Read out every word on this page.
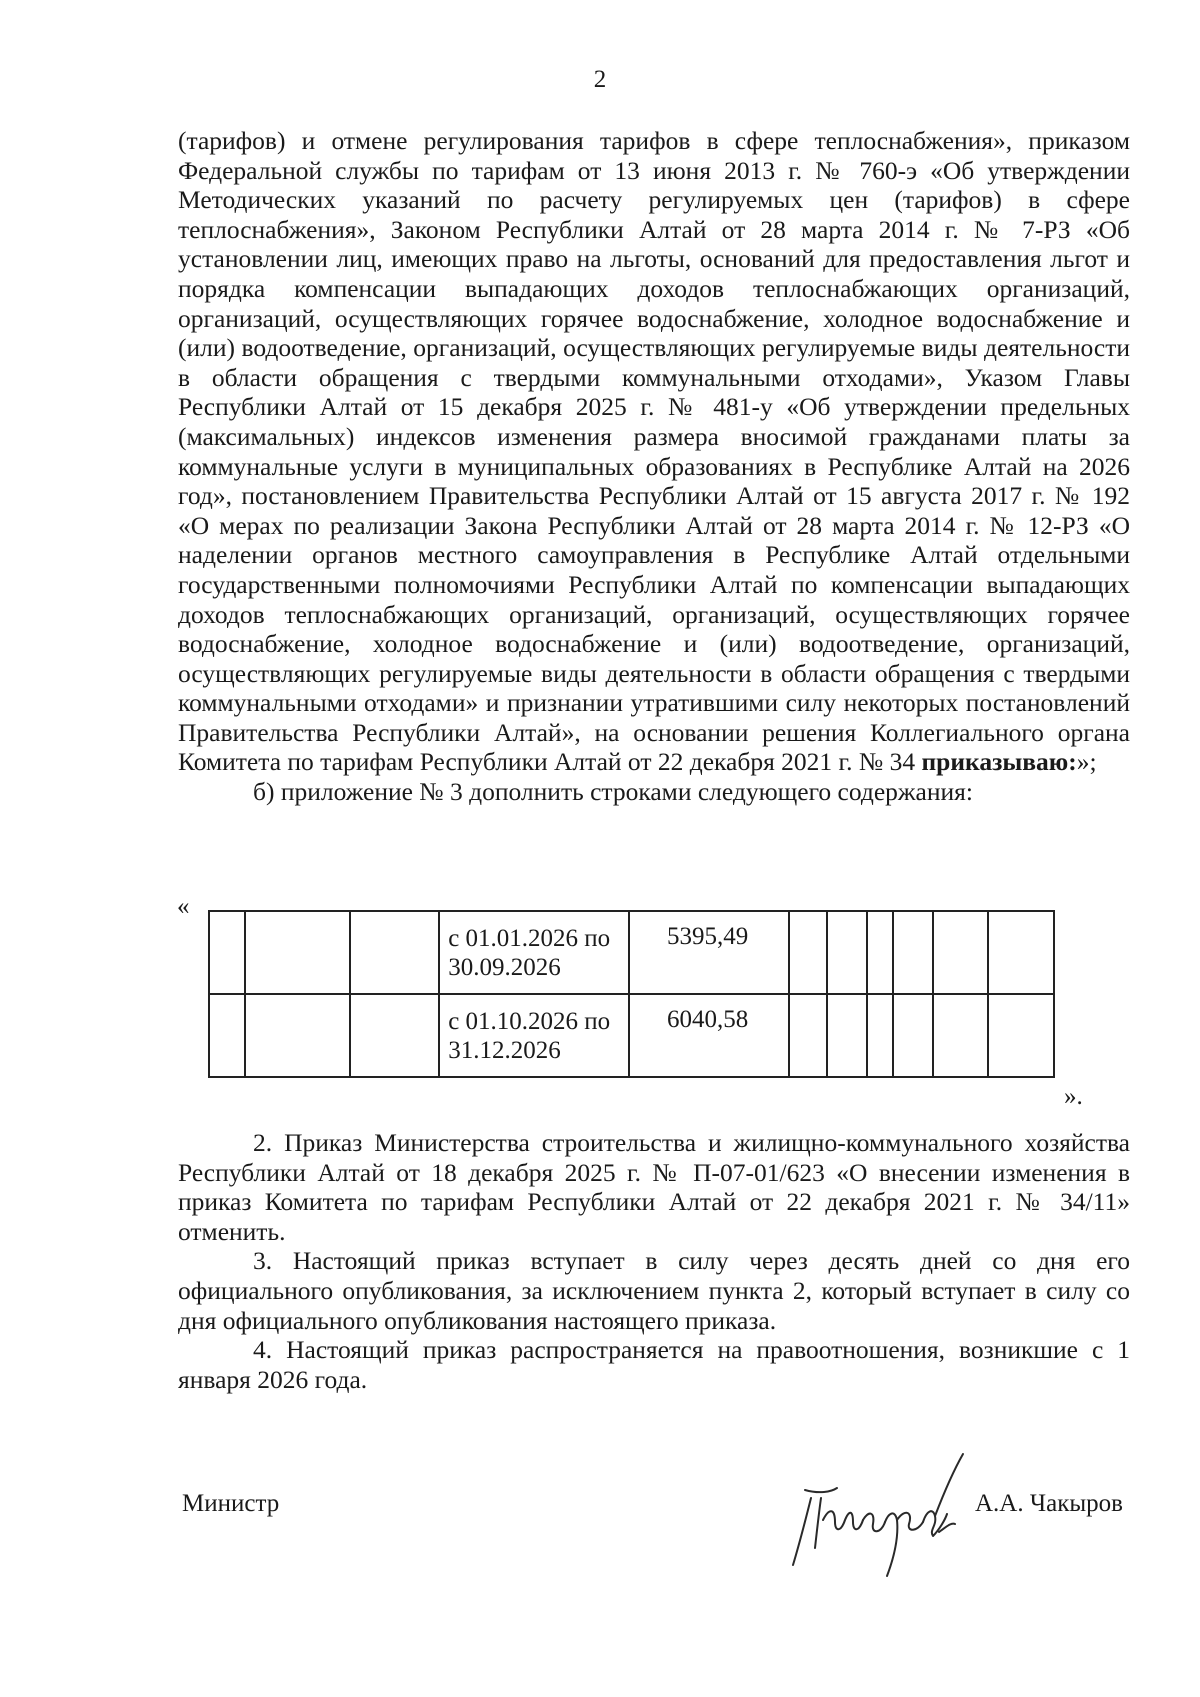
2

(тарифов) и отмене регулирования тарифов в сфере теплоснабжения», приказом Федеральной службы по тарифам от 13 июня 2013 г. № 760-э «Об утверждении Методических указаний по расчету регулируемых цен (тарифов) в сфере теплоснабжения», Законом Республики Алтай от 28 марта 2014 г. № 7-РЗ «Об установлении лиц, имеющих право на льготы, оснований для предоставления льгот и порядка компенсации выпадающих доходов теплоснабжающих организаций, организаций, осуществляющих горячее водоснабжение, холодное водоснабжение и (или) водоотведение, организаций, осуществляющих регулируемые виды деятельности в области обращения с твердыми коммунальными отходами», Указом Главы Республики Алтай от 15 декабря 2025 г. № 481-у «Об утверждении предельных (максимальных) индексов изменения размера вносимой гражданами платы за коммунальные услуги в муниципальных образованиях в Республике Алтай на 2026 год», постановлением Правительства Республики Алтай от 15 августа 2017 г. № 192 «О мерах по реализации Закона Республики Алтай от 28 марта 2014 г. № 12-РЗ «О наделении органов местного самоуправления в Республике Алтай отдельными государственными полномочиями Республики Алтай по компенсации выпадающих доходов теплоснабжающих организаций, организаций, осуществляющих горячее водоснабжение, холодное водоснабжение и (или) водоотведение, организаций, осуществляющих регулируемые виды деятельности в области обращения с твердыми коммунальными отходами» и признании утратившими силу некоторых постановлений Правительства Республики Алтай», на основании решения Коллегиального органа Комитета по тарифам Республики Алтай от 22 декабря 2021 г. № 34 приказываю:»;

б) приложение № 3 дополнить строками следующего содержания:

«
			с 01.01.2026 по 30.09.2026	5395,49						
			с 01.10.2026 по 31.12.2026	6040,58						
».

2. Приказ Министерства строительства и жилищно-коммунального хозяйства Республики Алтай от 18 декабря 2025 г. № П-07-01/623 «О внесении изменения в приказ Комитета по тарифам Республики Алтай от 22 декабря 2021 г. № 34/11» отменить.

3. Настоящий приказ вступает в силу через десять дней со дня его официального опубликования, за исключением пункта 2, который вступает в силу со дня официального опубликования настоящего приказа.

4. Настоящий приказ распространяется на правоотношения, возникшие с 1 января 2026 года.

Министр	А.А. Чакыров
